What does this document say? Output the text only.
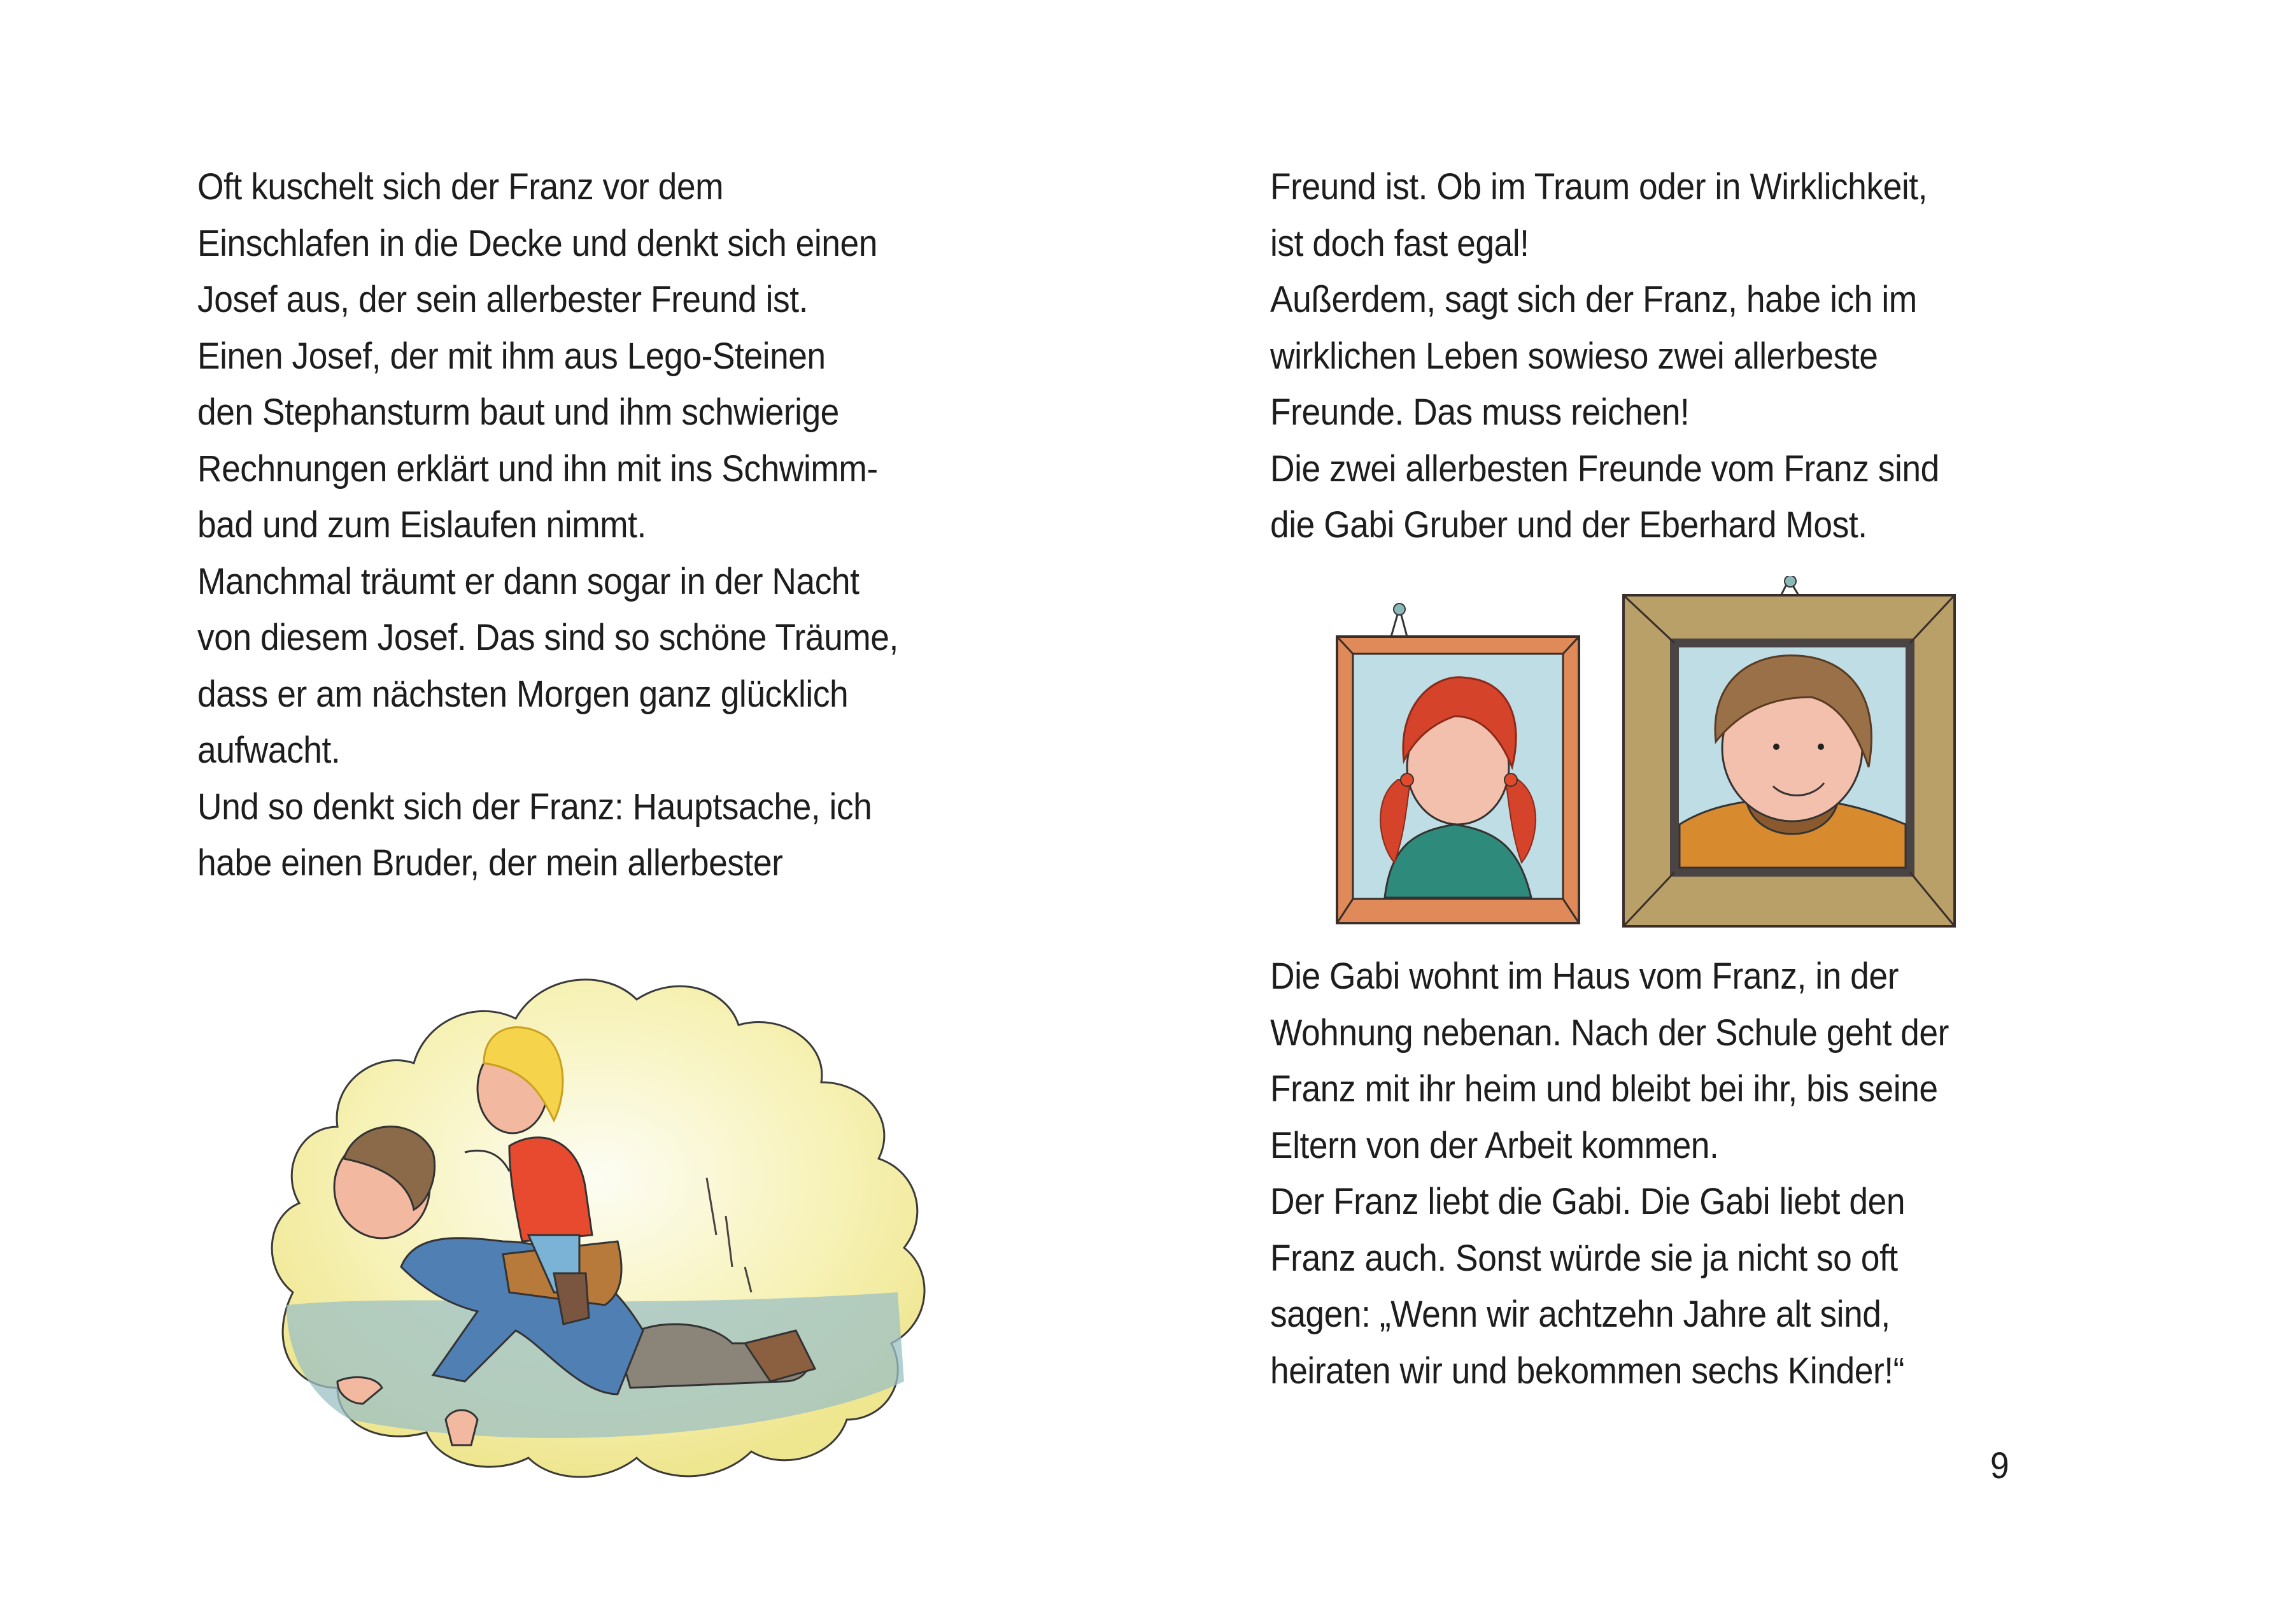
Oft kuschelt sich der Franz vor dem
Einschlafen in die Decke und denkt sich einen
Josef aus, der sein allerbester Freund ist.
Einen Josef, der mit ihm aus Lego-Steinen
den Stephansturm baut und ihm schwierige
Rechnungen erklärt und ihn mit ins Schwimm-
bad und zum Eislaufen nimmt.
Manchmal träumt er dann sogar in der Nacht
von diesem Josef. Das sind so schöne Träume,
dass er am nächsten Morgen ganz glücklich
aufwacht.
Und so denkt sich der Franz: Hauptsache, ich
habe einen Bruder, der mein allerbester
Freund ist. Ob im Traum oder in Wirklichkeit,
ist doch fast egal!
Außerdem, sagt sich der Franz, habe ich im
wirklichen Leben sowieso zwei allerbeste
Freunde. Das muss reichen!
Die zwei allerbesten Freunde vom Franz sind
die Gabi Gruber und der Eberhard Most.
Die Gabi wohnt im Haus vom Franz, in der
Wohnung nebenan. Nach der Schule geht der
Franz mit ihr heim und bleibt bei ihr, bis seine
Eltern von der Arbeit kommen.
Der Franz liebt die Gabi. Die Gabi liebt den
Franz auch. Sonst würde sie ja nicht so oft
sagen: „Wenn wir achtzehn Jahre alt sind,
heiraten wir und bekommen sechs Kinder!“
9
